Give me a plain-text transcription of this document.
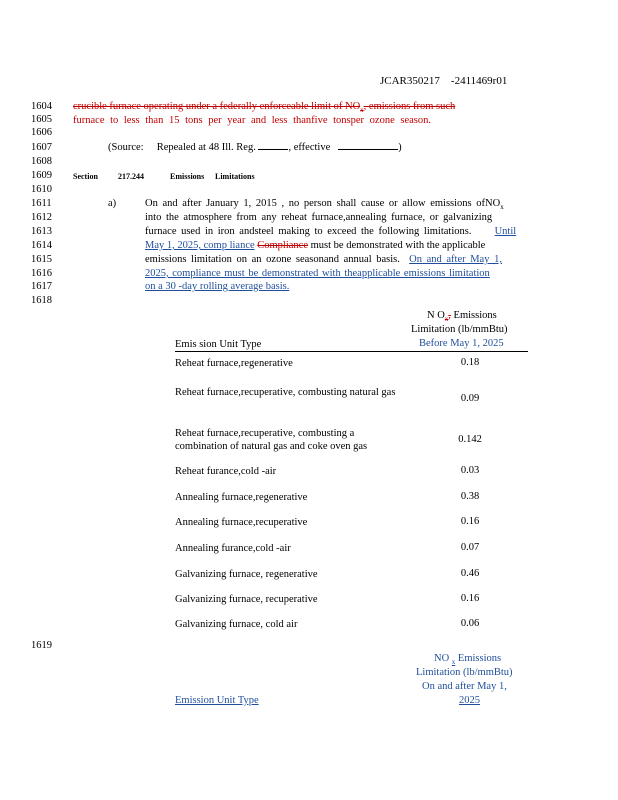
JCAR350217 -2411469r01
1604
1605
1606
1607
1608
1609
1610
1611
1612
1613
1614
1615
1616
1617
1618
1619
crucible furnace operating under a federally enforceable limit of $NO_x$, emissions from such
furnace to less than 15 tons per year and less thanfive tonsper ozone season.
(Source: Repealed at 48 Ill. Reg.	, effective	)
Section	217.244	Emissions Limitations
a)	On and after January 1, 2015 , no person shall cause or allow emissions ofNO$_x$
into the atmosphere from any reheat furnace,annealing furnace, or galvanizing
furnace used in iron andsteel making to exceed the following limitations. Until
May 1, 2025, comp liance Compliance must be demonstrated with the applicable
emissions limitation on an ozone seasonand annual basis. On and after May 1,
2025, compliance must be demonstrated with theapplicable emissions limitation
on a 30 -day rolling average basis.
N $O_x$, Emissions
Limitation (lb/mmBtu)
Before May 1, 2025
Emis sion Unit Type
Reheat furnace,regenerative	0.18
Reheat furnace,recuperative, combusting natural gas
0.09
Reheat furnace,recuperative, combusting a combination of natural gas and coke oven gas
0.142
Reheat furance,cold -air	0.03
Annealing furnace,regenerative	0.38
Annealing furnace,recuperative	0.16
Annealing furance,cold -air	0.07
Galvanizing furnace, regenerative	0.46
Galvanizing furnace, recuperative	0.16
Galvanizing furnace, cold air	0.06
NO $_x$ Emissions
Limitation (lb/mmBtu)
On and after May 1,
2025
Emission Unit Type
